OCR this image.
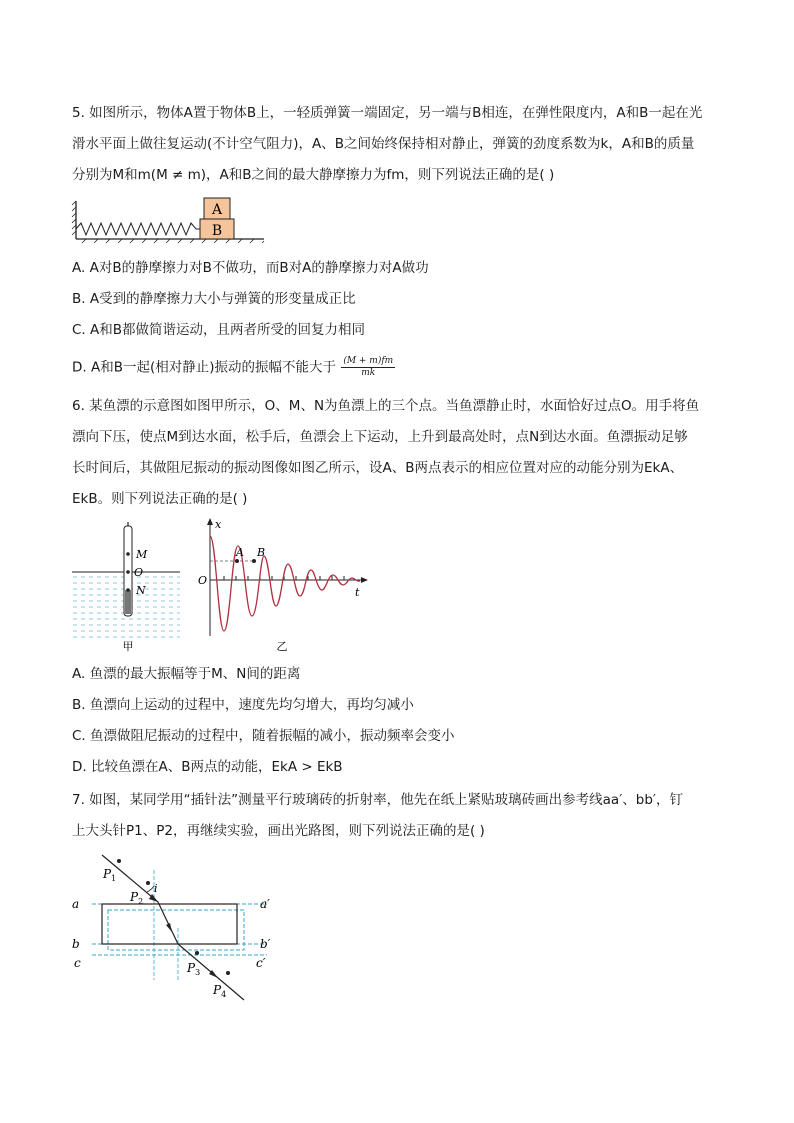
5. 如图所示，物体A置于物体B上，一轻质弹簧一端固定，另一端与B相连，在弹性限度内，A和B一起在光
滑水平面上做往复运动(不计空气阻力)，A、B之间始终保持相对静止，弹簧的劲度系数为k，A和B的质量
分别为M和m(M ≠ m)，A和B之间的最大静摩擦力为fm，则下列说法正确的是( )
A
B
A. A对B的静摩擦力对B不做功，而B对A的静摩擦力对A做功
B. A受到的静摩擦力大小与弹簧的形变量成正比
C. A和B都做简谐运动，且两者所受的回复力相同
D. A和B一起(相对静止)振动的振幅不能大于 $\frac{(M + m)fm}{mk}$
6. 某鱼漂的示意图如图甲所示，O、M、N为鱼漂上的三个点。当鱼漂静止时，水面恰好过点O。用手将鱼
漂向下压，使点M到达水面，松手后，鱼漂会上下运动，上升到最高处时，点N到达水面。鱼漂振动足够
长时间后，其做阻尼振动的振动图像如图乙所示，设A、B两点表示的相应位置对应的动能分别为EkA、
EkB。则下列说法正确的是( )
M
O
N
甲
x
t
O
A B
乙
A. 鱼漂的最大振幅等于M、N间的距离
B. 鱼漂向上运动的过程中，速度先均匀增大，再均匀减小
C. 鱼漂做阻尼振动的过程中，随着振幅的减小，振动频率会变小
D. 比较鱼漂在A、B两点的动能，EkA > EkB
7. 如图，某同学用“插针法”测量平行玻璃砖的折射率，他先在纸上紧贴玻璃砖画出参考线aa′、bb′，钉
上大头针P1、P2，再继续实验，画出光路图，则下列说法正确的是( )
a	a′
b	b′
c	c′
i
$P_1$
$P_2$
$P_3$
$P_4$
